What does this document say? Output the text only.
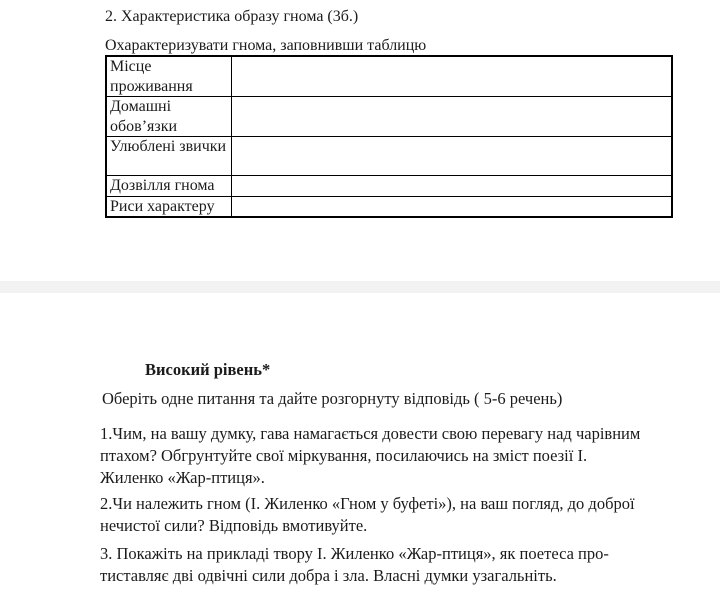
2. Характеристика образу гнома (3б.)
Охарактеризувати гнома, заповнивши таблицю
Місце проживання	
Домашні обов’язки	
Улюблені звички	
Дозвілля гнома	
Риси характеру	
Високий рівень*
Оберіть одне питання та дайте розгорнуту відповідь ( 5-6 речень)
1.Чим, на вашу думку, гава намагається довести свою перевагу над чарівним
птахом? Обгрунтуйте свої міркування, посилаючись на зміст поезії І.
Жиленко «Жар-птиця».
2.Чи належить гном (І. Жиленко «Гном у буфеті»), на ваш погляд, до доброї
нечистої сили? Відповідь вмотивуйте.
3. Покажіть на прикладі твору І. Жиленко «Жар-птиця», як поетеса про-
тиставляє дві одвічні сили добра і зла. Власні думки узагальніть.
